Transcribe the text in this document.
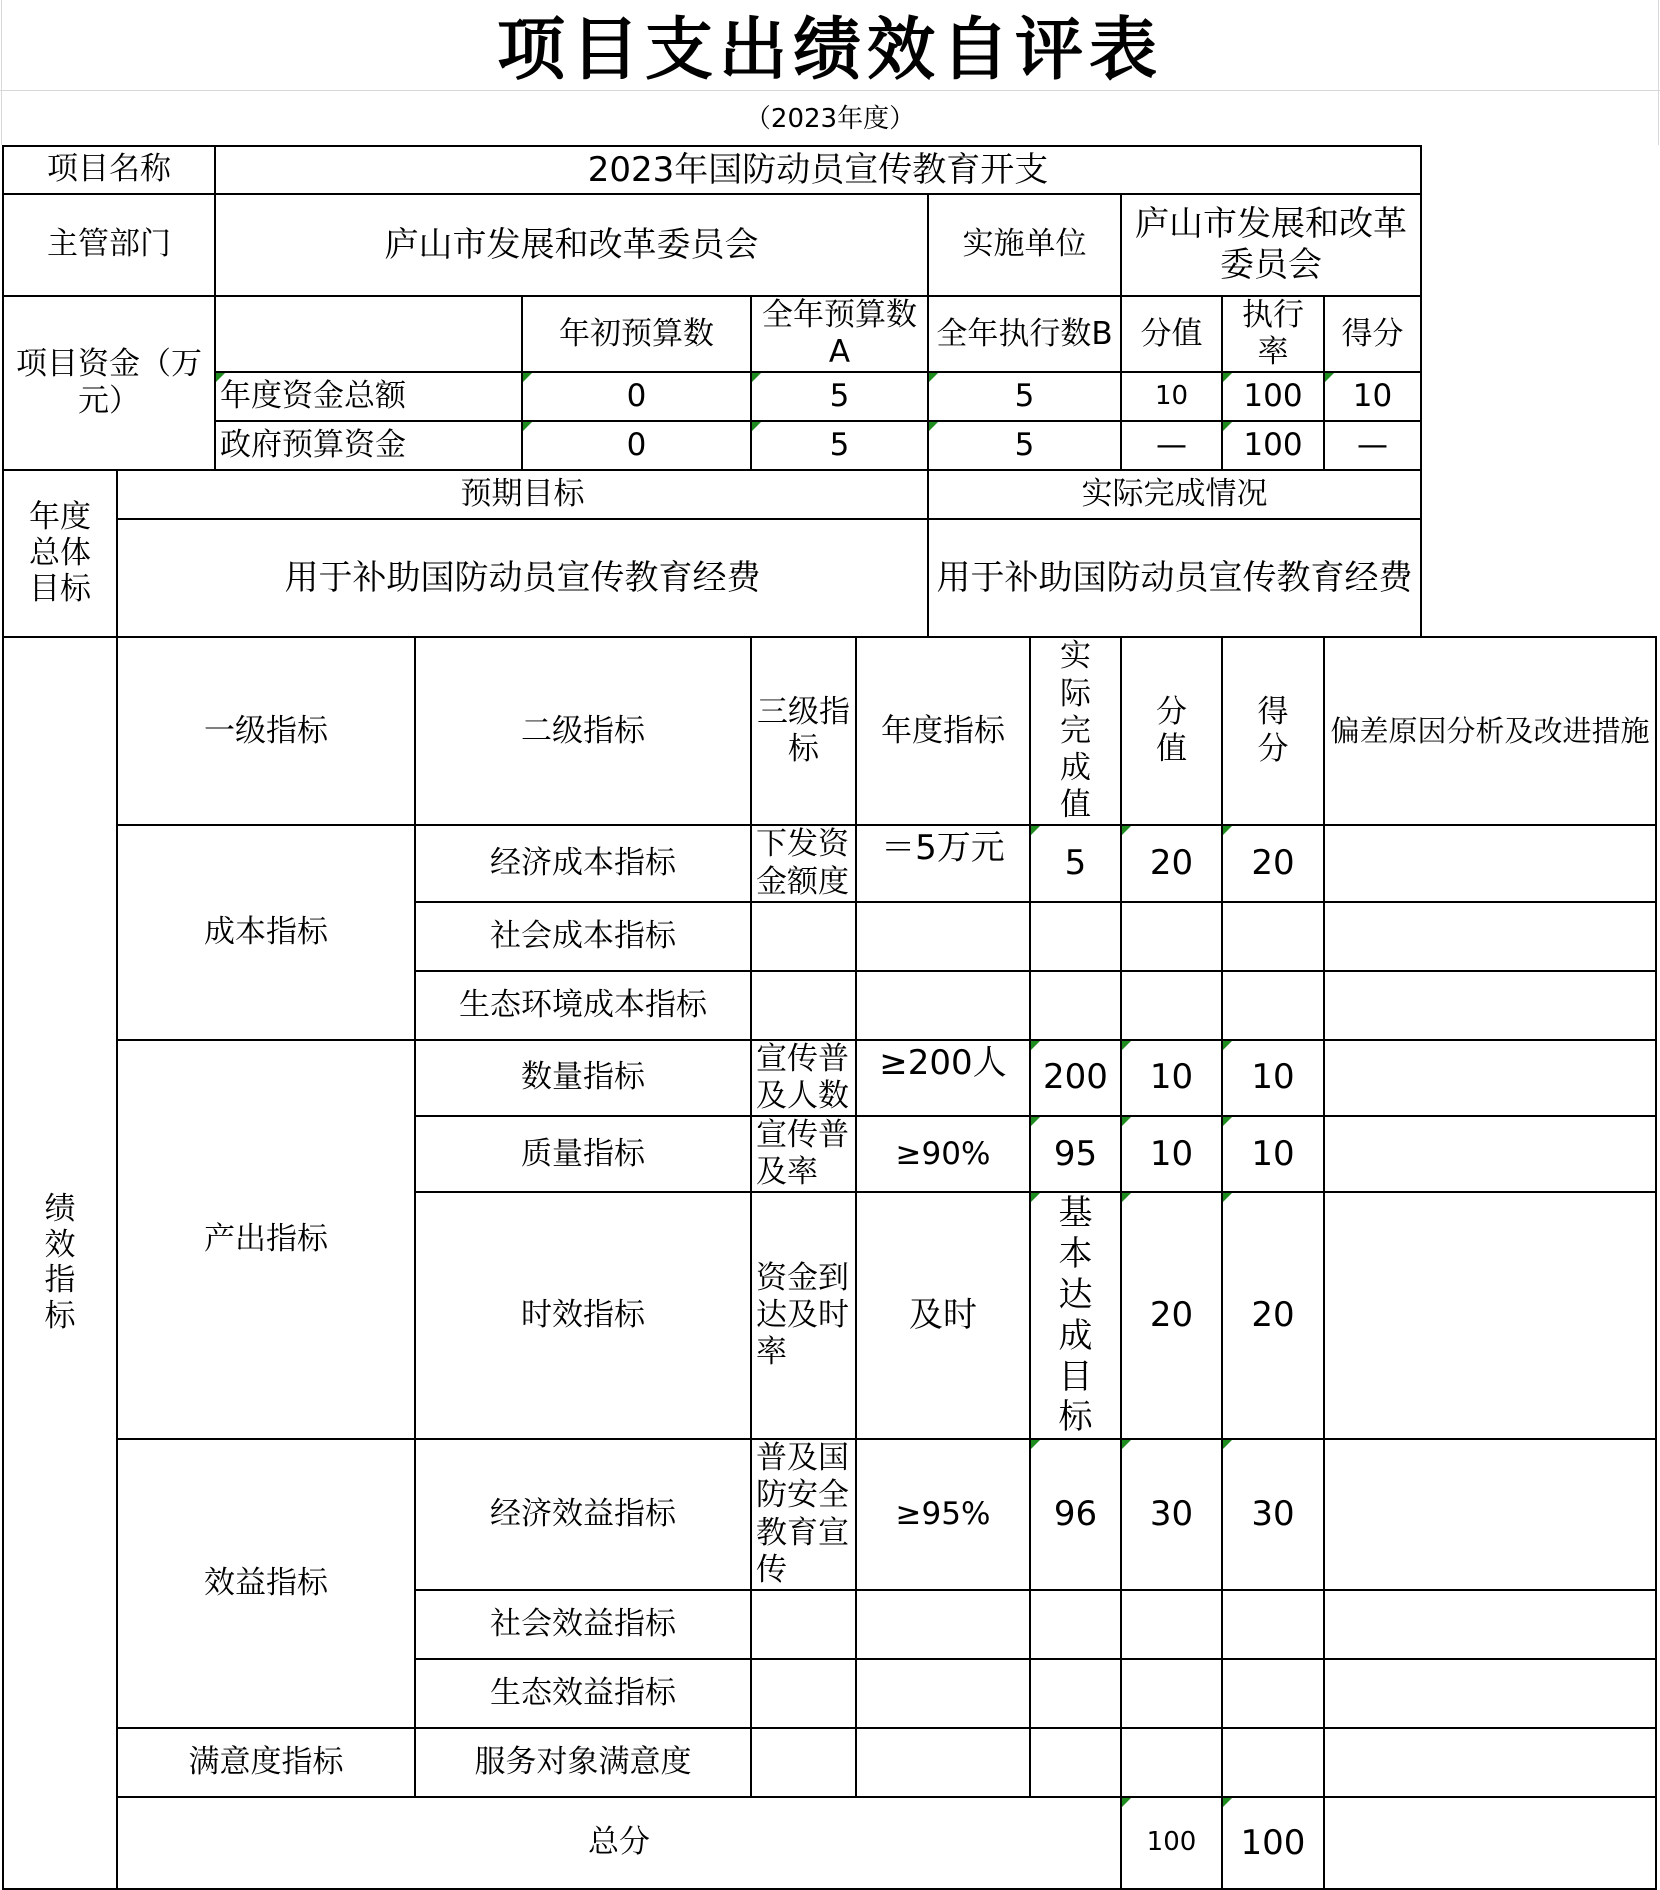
项目支出绩效自评表
（2023年度）
项目名称		2023年国防动员宣传教育开支									
主管部门		庐山市发展和改革委员会					实施单位		庐山市发展和改革委员会		
项目资金（万元）				年初预算数	全年预算数A		全年执行数B		分值	执行率	得分
		年度资金总额		0	5		5		10	100	10
		政府预算资金		0	5		5		—	100	—
年度总体目标	预期目标						实际完成情况				
	用于补助国防动员宣传教育经费						用于补助国防动员宣传教育经费				
绩效指标	一级指标		二级指标		三级指标	年度指标		实际完成值	分值	得分	偏差原因分析及改进措施
	成本指标		经济成本指标		下发资金额度	＝5万元		5	20	20	
			社会成本指标								
			生态环境成本指标								
	产出指标		数量指标		宣传普及人数	≥200人		200	10	10	
			质量指标		宣传普及率	≥90%		95	10	10	
			时效指标		资金到达及时率	及时		基本达成目标	20	20	
	效益指标		经济效益指标		普及国防安全教育宣传	≥95%		96	30	30	
			社会效益指标								
			生态效益指标								
	满意度指标		服务对象满意度								
	总分								100	100	
